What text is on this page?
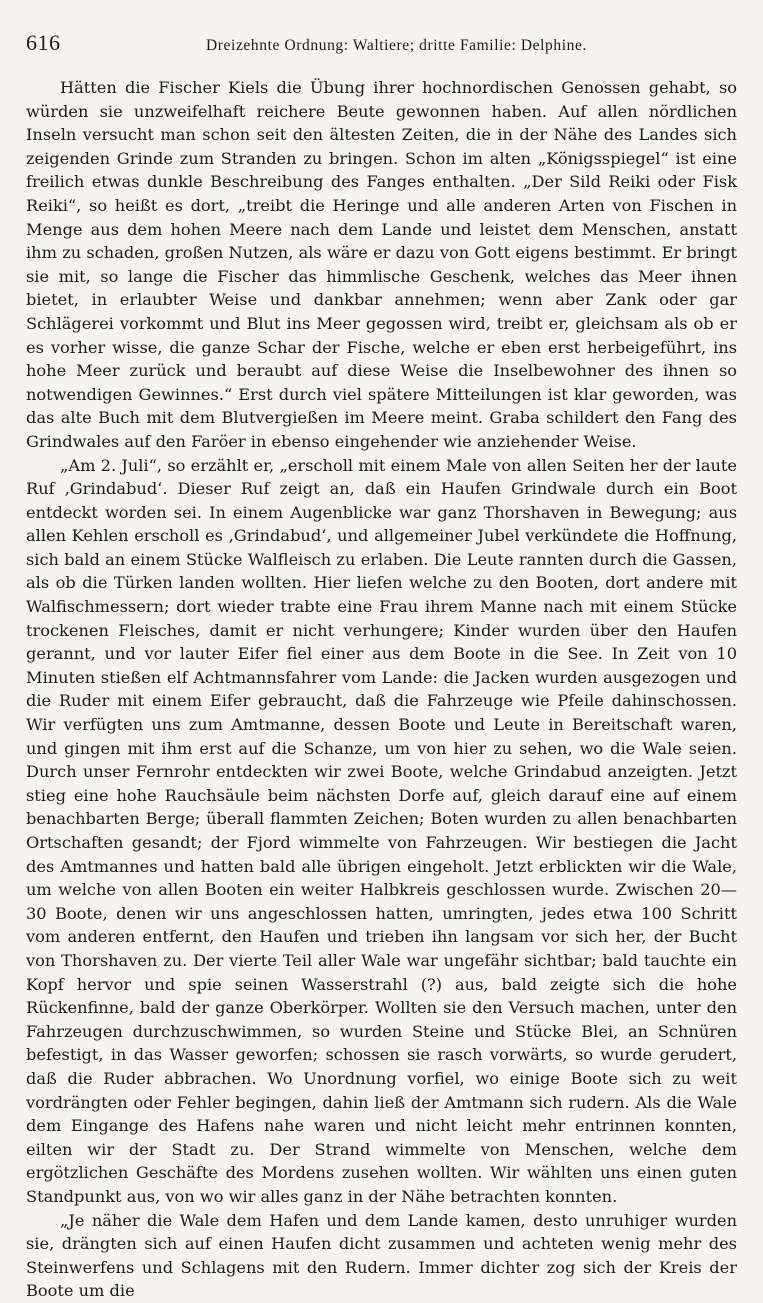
616	Dreizehnte Ordnung: Waltiere; dritte Familie: Delphine.

Hätten die Fischer Kiels die Übung ihrer hochnordischen Genossen gehabt, so würden sie unzweifelhaft reichere Beute gewonnen haben. Auf allen nördlichen Inseln versucht man schon seit den ältesten Zeiten, die in der Nähe des Landes sich zeigenden Grinde zum Stranden zu bringen. Schon im alten „Königsspiegel“ ist eine freilich etwas dunkle Beschreibung des Fanges enthalten. „Der Sild Reiki oder Fisk Reiki“, so heißt es dort, „treibt die Heringe und alle anderen Arten von Fischen in Menge aus dem hohen Meere nach dem Lande und leistet dem Menschen, anstatt ihm zu schaden, großen Nutzen, als wäre er dazu von Gott eigens bestimmt. Er bringt sie mit, so lange die Fischer das himmlische Geschenk, welches das Meer ihnen bietet, in erlaubter Weise und dankbar annehmen; wenn aber Zank oder gar Schlägerei vorkommt und Blut ins Meer gegossen wird, treibt er, gleichsam als ob er es vorher wisse, die ganze Schar der Fische, welche er eben erst herbeigeführt, ins hohe Meer zurück und beraubt auf diese Weise die Inselbewohner des ihnen so notwendigen Gewinnes.“ Erst durch viel spätere Mitteilungen ist klar geworden, was das alte Buch mit dem Blutvergießen im Meere meint. Graba schildert den Fang des Grindwales auf den Faröer in ebenso eingehender wie anziehender Weise.

„Am 2. Juli“, so erzählt er, „erscholl mit einem Male von allen Seiten her der laute Ruf ‚Grindabud‘. Dieser Ruf zeigt an, daß ein Haufen Grindwale durch ein Boot entdeckt worden sei. In einem Augenblicke war ganz Thorshaven in Bewegung; aus allen Kehlen erscholl es ‚Grindabud‘, und allgemeiner Jubel verkündete die Hoffnung, sich bald an einem Stücke Walfleisch zu erlaben. Die Leute rannten durch die Gassen, als ob die Türken landen wollten. Hier liefen welche zu den Booten, dort andere mit Walfischmessern; dort wieder trabte eine Frau ihrem Manne nach mit einem Stücke trockenen Fleisches, damit er nicht verhungere; Kinder wurden über den Haufen gerannt, und vor lauter Eifer fiel einer aus dem Boote in die See. In Zeit von 10 Minuten stießen elf Achtmannsfahrer vom Lande: die Jacken wurden ausgezogen und die Ruder mit einem Eifer gebraucht, daß die Fahrzeuge wie Pfeile dahinschossen. Wir verfügten uns zum Amtmanne, dessen Boote und Leute in Bereitschaft waren, und gingen mit ihm erst auf die Schanze, um von hier zu sehen, wo die Wale seien. Durch unser Fernrohr entdeckten wir zwei Boote, welche Grindabud anzeigten. Jetzt stieg eine hohe Rauchsäule beim nächsten Dorfe auf, gleich darauf eine auf einem benachbarten Berge; überall flammten Zeichen; Boten wurden zu allen benachbarten Ortschaften gesandt; der Fjord wimmelte von Fahrzeugen. Wir bestiegen die Jacht des Amtmannes und hatten bald alle übrigen eingeholt. Jetzt erblickten wir die Wale, um welche von allen Booten ein weiter Halbkreis geschlossen wurde. Zwischen 20—30 Boote, denen wir uns angeschlossen hatten, umringten, jedes etwa 100 Schritt vom anderen entfernt, den Haufen und trieben ihn langsam vor sich her, der Bucht von Thorshaven zu. Der vierte Teil aller Wale war ungefähr sichtbar; bald tauchte ein Kopf hervor und spie seinen Wasserstrahl (?) aus, bald zeigte sich die hohe Rückenfinne, bald der ganze Oberkörper. Wollten sie den Versuch machen, unter den Fahrzeugen durchzuschwimmen, so wurden Steine und Stücke Blei, an Schnüren befestigt, in das Wasser geworfen; schossen sie rasch vorwärts, so wurde gerudert, daß die Ruder abbrachen. Wo Unordnung vorfiel, wo einige Boote sich zu weit vordrängten oder Fehler begingen, dahin ließ der Amtmann sich rudern. Als die Wale dem Eingange des Hafens nahe waren und nicht leicht mehr entrinnen konnten, eilten wir der Stadt zu. Der Strand wimmelte von Menschen, welche dem ergötzlichen Geschäfte des Mordens zusehen wollten. Wir wählten uns einen guten Standpunkt aus, von wo wir alles ganz in der Nähe betrachten konnten.

„Je näher die Wale dem Hafen und dem Lande kamen, desto unruhiger wurden sie, drängten sich auf einen Haufen dicht zusammen und achteten wenig mehr des Steinwerfens und Schlagens mit den Rudern. Immer dichter zog sich der Kreis der Boote um die
